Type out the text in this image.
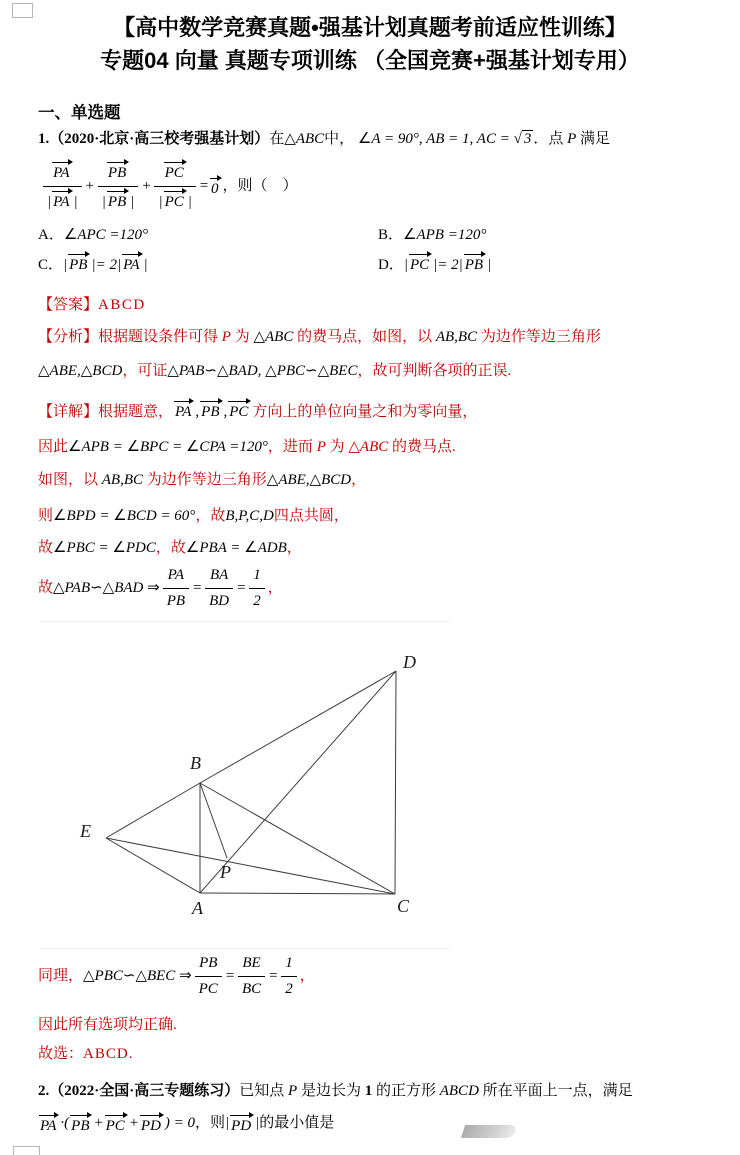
【高中数学竞赛真题•强基计划真题考前适应性训练】
专题04 向量 真题专项训练 （全国竞赛+强基计划专用）
一、单选题
1.（2020·北京·高三校考强基计划）在△ABC中， ∠A = 90°, AB = 1, AC = √ 3 ．点 P 满足
$\frac{PA}{| PA |} + \frac{PB}{| PB |} + \frac{PC}{| PC |} = 0$ ，则（　）
A．∠APC =120°	B．∠APB =120°
C．| PB |= 2| PA |	D．| PC |= 2| PB |
【答案】ABCD
【分析】根据题设条件可得 P 为 △ABC 的费马点，如图，以 AB,BC 为边作等边三角形
△ABE,△BCD，可证△PAB∽△BAD, △PBC∽△BEC，故可判断各项的正误.
【详解】根据题意， PA , PB , PC 方向上的单位向量之和为零向量，
因此∠APB = ∠BPC = ∠CPA =120°，进而 P 为 △ABC 的费马点.
如图，以 AB,BC 为边作等边三角形△ABE,△BCD，
则∠BPD = ∠BCD = 60°，故B,P,C,D四点共圆，
故∠PBC = ∠PDC，故∠PBA = ∠ADB，
故 △PAB∽△BAD ⇒ $\frac{PA}{PB} = \frac{BA}{BD} = \frac{1}{2}$ ，
D
B
E
P
A	C
同理， △PBC∽△BEC ⇒ $\frac{PB}{PC} = \frac{BE}{BC} = \frac{1}{2}$ ，
因此所有选项均正确.
故选：ABCD.
2.（2022·全国·高三专题练习）已知点 P 是边长为 1 的正方形 ABCD 所在平面上一点，满足
PA ·( PB + PC + PD ) = 0 ，则 | PD | 的最小值是
